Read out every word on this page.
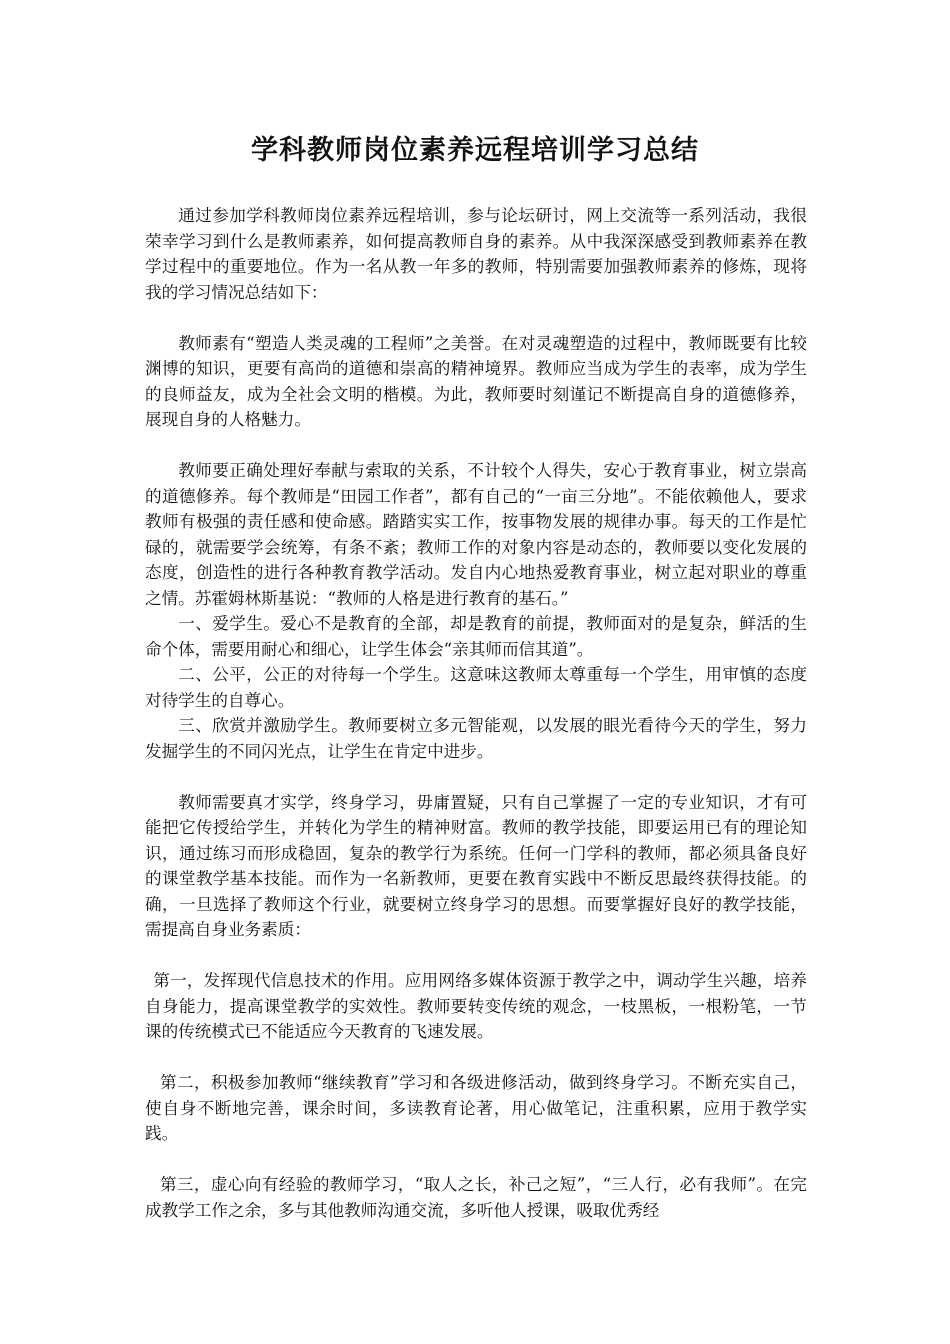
学科教师岗位素养远程培训学习总结

通过参加学科教师岗位素养远程培训，参与论坛研讨，网上交流等一系列活动，我很荣幸学习到什么是教师素养，如何提高教师自身的素养。从中我深深感受到教师素养在教学过程中的重要地位。作为一名从教一年多的教师，特别需要加强教师素养的修炼，现将我的学习情况总结如下：

教师素有“塑造人类灵魂的工程师”之美誉。在对灵魂塑造的过程中，教师既要有比较渊博的知识，更要有高尚的道德和崇高的精神境界。教师应当成为学生的表率，成为学生的良师益友，成为全社会文明的楷模。为此，教师要时刻谨记不断提高自身的道德修养，展现自身的人格魅力。

教师要正确处理好奉献与索取的关系，不计较个人得失，安心于教育事业，树立崇高的道德修养。每个教师是“田园工作者”，都有自己的“一亩三分地”。不能依赖他人，要求教师有极强的责任感和使命感。踏踏实实工作，按事物发展的规律办事。每天的工作是忙碌的，就需要学会统筹，有条不紊；教师工作的对象内容是动态的，教师要以变化发展的态度，创造性的进行各种教育教学活动。发自内心地热爱教育事业，树立起对职业的尊重之情。苏霍姆林斯基说：“教师的人格是进行教育的基石。”

一、爱学生。爱心不是教育的全部，却是教育的前提，教师面对的是复杂，鲜活的生命个体，需要用耐心和细心，让学生体会“亲其师而信其道”。

二、公平，公正的对待每一个学生。这意味这教师太尊重每一个学生，用审慎的态度对待学生的自尊心。

三、欣赏并激励学生。教师要树立多元智能观，以发展的眼光看待今天的学生，努力发掘学生的不同闪光点，让学生在肯定中进步。

教师需要真才实学，终身学习，毋庸置疑，只有自己掌握了一定的专业知识，才有可能把它传授给学生，并转化为学生的精神财富。教师的教学技能，即要运用已有的理论知识，通过练习而形成稳固，复杂的教学行为系统。任何一门学科的教师，都必须具备良好的课堂教学基本技能。而作为一名新教师，更要在教育实践中不断反思最终获得技能。的确，一旦选择了教师这个行业，就要树立终身学习的思想。而要掌握好良好的教学技能，需提高自身业务素质：

第一，发挥现代信息技术的作用。应用网络多媒体资源于教学之中，调动学生兴趣，培养自身能力，提高课堂教学的实效性。教师要转变传统的观念，一枝黑板，一根粉笔，一节课的传统模式已不能适应今天教育的飞速发展。

第二，积极参加教师“继续教育”学习和各级进修活动，做到终身学习。不断充实自己，使自身不断地完善，课余时间，多读教育论著，用心做笔记，注重积累，应用于教学实践。

第三，虚心向有经验的教师学习，“取人之长，补己之短”，“三人行，必有我师”。在完成教学工作之余，多与其他教师沟通交流，多听他人授课，吸取优秀经
